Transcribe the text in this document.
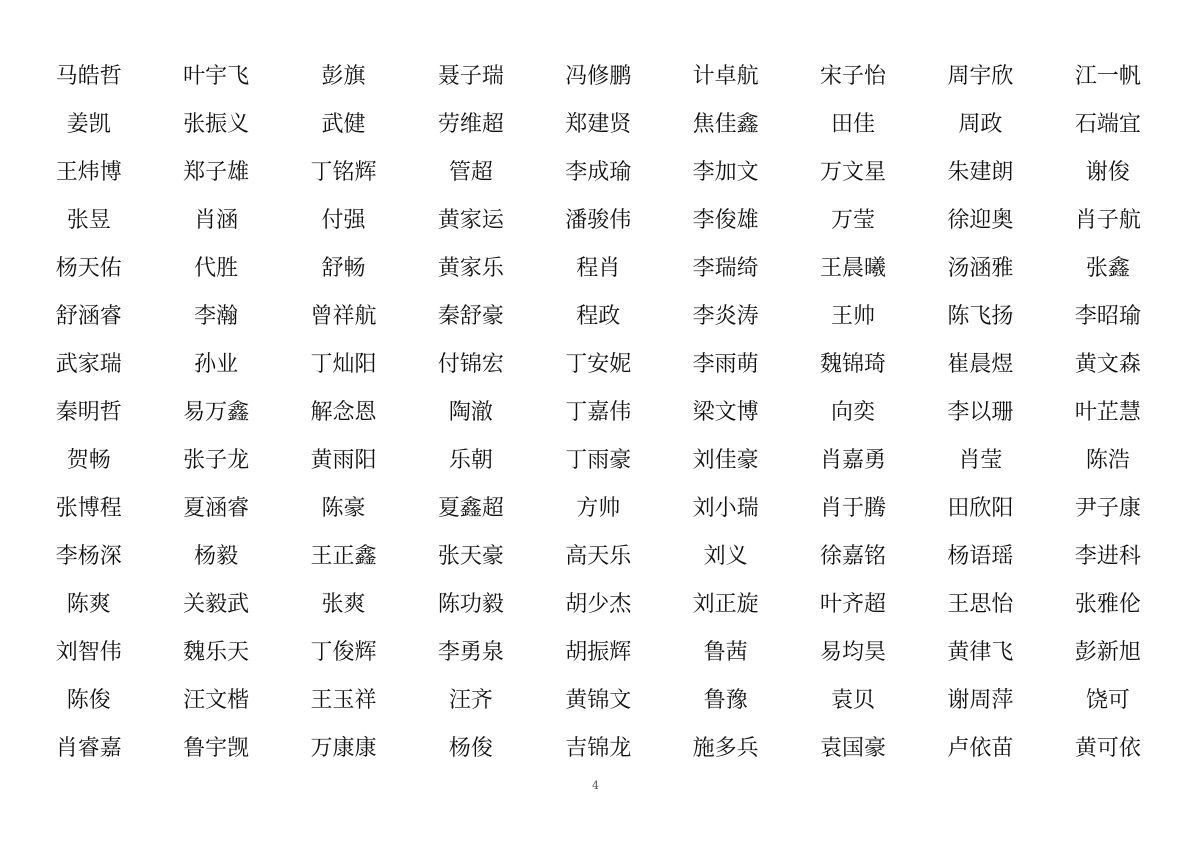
马皓哲	叶宇飞	彭旗	聂子瑞	冯修鹏	计卓航	宋子怡	周宇欣	江一帆
姜凯	张振义	武健	劳维超	郑建贤	焦佳鑫	田佳	周政	石端宜
王炜博	郑子雄	丁铭辉	管超	李成瑜	李加文	万文星	朱建朗	谢俊
张昱	肖涵	付强	黄家运	潘骏伟	李俊雄	万莹	徐迎奥	肖子航
杨天佑	代胜	舒畅	黄家乐	程肖	李瑞绮	王晨曦	汤涵雅	张鑫
舒涵睿	李瀚	曾祥航	秦舒豪	程政	李炎涛	王帅	陈飞扬	李昭瑜
武家瑞	孙业	丁灿阳	付锦宏	丁安妮	李雨萌	魏锦琦	崔晨煜	黄文森
秦明哲	易万鑫	解念恩	陶澈	丁嘉伟	梁文博	向奕	李以珊	叶芷慧
贺畅	张子龙	黄雨阳	乐朝	丁雨豪	刘佳豪	肖嘉勇	肖莹	陈浩
张博程	夏涵睿	陈豪	夏鑫超	方帅	刘小瑞	肖于腾	田欣阳	尹子康
李杨深	杨毅	王正鑫	张天豪	高天乐	刘义	徐嘉铭	杨语瑶	李进科
陈爽	关毅武	张爽	陈功毅	胡少杰	刘正旋	叶齐超	王思怡	张雅伦
刘智伟	魏乐天	丁俊辉	李勇泉	胡振辉	鲁茜	易均昊	黄律飞	彭新旭
陈俊	汪文楷	王玉祥	汪齐	黄锦文	鲁豫	袁贝	谢周萍	饶可
肖睿嘉	鲁宇觊	万康康	杨俊	吉锦龙	施多兵	袁国豪	卢依苗	黄可依
4
